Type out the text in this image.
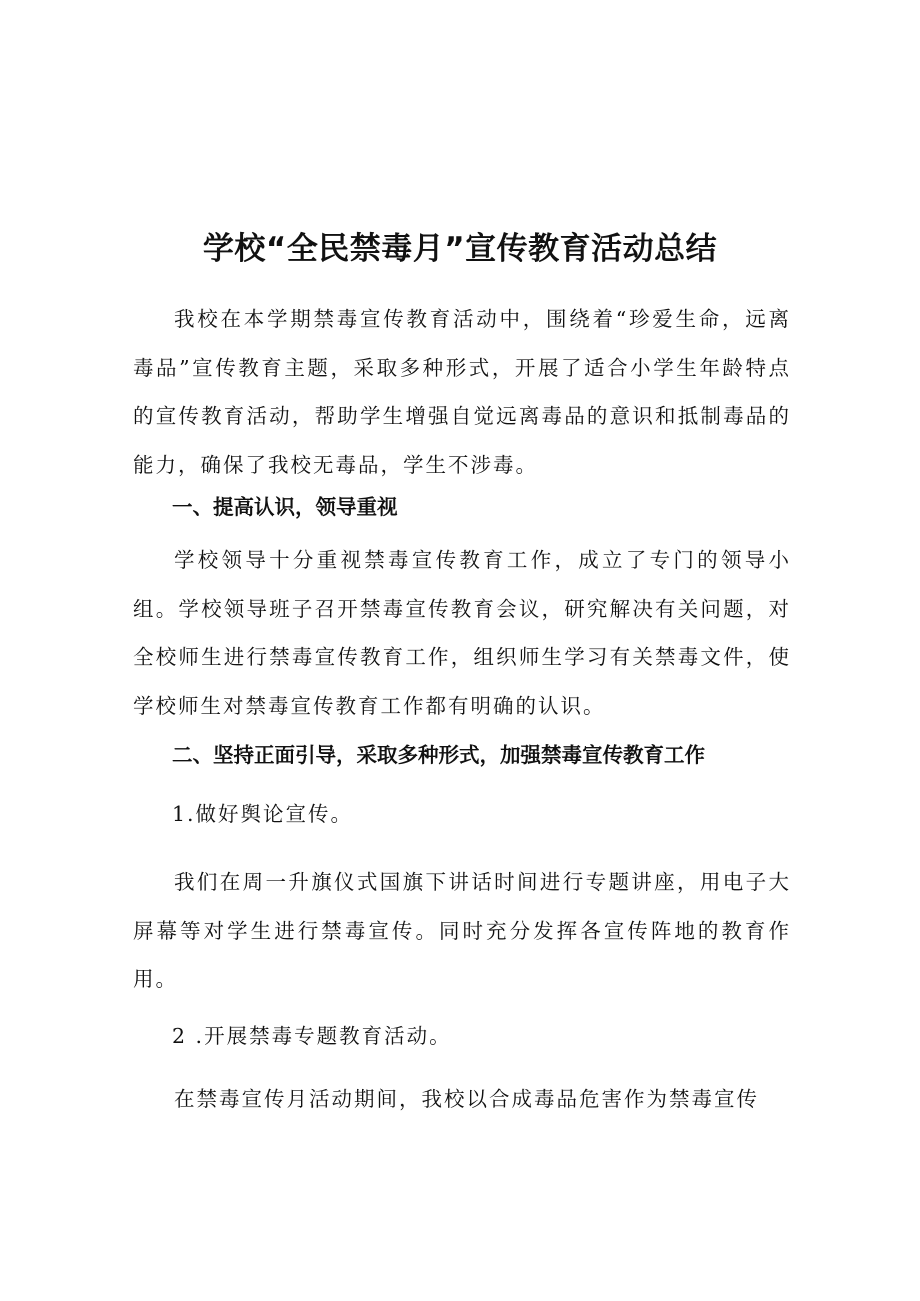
学校“全民禁毒月”宣传教育活动总结

我校在本学期禁毒宣传教育活动中，围绕着“珍爱生命，远离毒品”宣传教育主题，采取多种形式，开展了适合小学生年龄特点的宣传教育活动，帮助学生增强自觉远离毒品的意识和抵制毒品的能力，确保了我校无毒品，学生不涉毒。

一、提高认识，领导重视

学校领导十分重视禁毒宣传教育工作，成立了专门的领导小组。学校领导班子召开禁毒宣传教育会议，研究解决有关问题，对全校师生进行禁毒宣传教育工作，组织师生学习有关禁毒文件，使学校师生对禁毒宣传教育工作都有明确的认识。

二、坚持正面引导，采取多种形式，加强禁毒宣传教育工作

1.做好舆论宣传。

我们在周一升旗仪式国旗下讲话时间进行专题讲座，用电子大屏幕等对学生进行禁毒宣传。同时充分发挥各宣传阵地的教育作用。

2 .开展禁毒专题教育活动。

在禁毒宣传月活动期间，我校以合成毒品危害作为禁毒宣传
